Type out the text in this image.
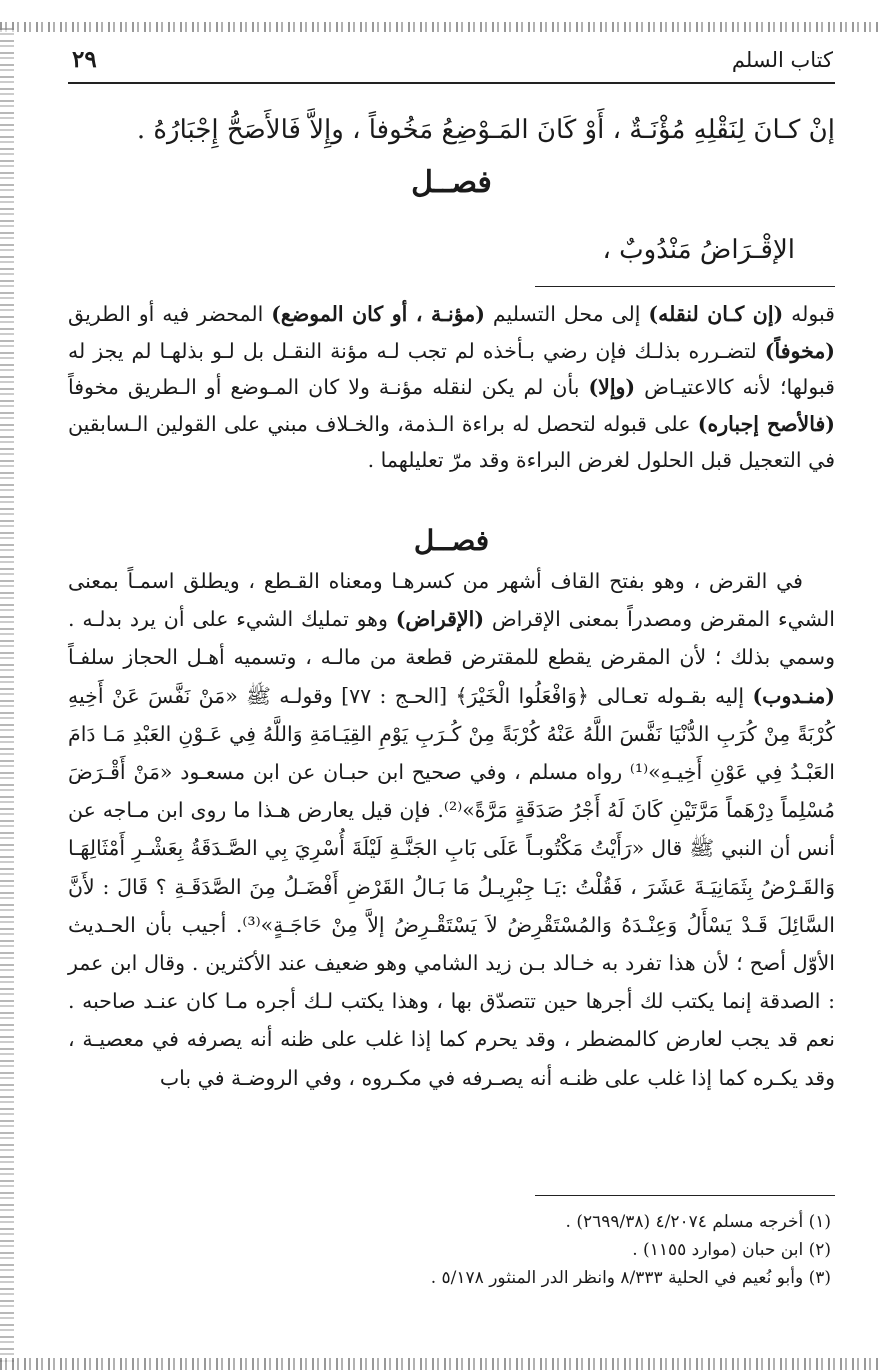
كتاب السلم
٢٩
إنْ كـانَ لِنَقْلِهِ مُؤْنَـةٌ ، أَوْ كَانَ المَـوْضِعُ مَخُوفاً ، وإِلاَّ فَالأَصَحُّ إِجْبَارُهُ .
فصــل
الإقْـرَاضُ مَنْدُوبٌ ،

قبوله (إن كـان لنقله) إلى محل التسليم (مؤنـة ، أو كان الموضع) المحضر فيه أو الطريق (مخوفاً) لتضـرره بذلـك فإن رضي بـأخذه لم تجب لـه مؤنة النقـل بل لـو بذلهـا لم يجز له قبولها؛ لأنه كالاعتيـاض (وإلا) بأن لم يكن لنقله مؤنـة ولا كان المـوضع أو الـطريق مخوفاً (فالأصح إجباره) على قبوله لتحصل له براءة الـذمة، والخـلاف مبني على القولين الـسابقين في التعجيل قبل الحلول لغرض البراءة وقد مرّ تعليلهما .

فصــل

في القرض ، وهو بفتح القاف أشهر من كسرهـا ومعناه القـطع ، ويطلق اسمـاً بمعنى الشيء المقرض ومصدراً بمعنى الإقراض (الإقراض) وهو تمليك الشيء على أن يرد بدلـه . وسمي بذلك ؛ لأن المقرض يقطع للمقترض قطعة من مالـه ، وتسميه أهـل الحجاز سلفـاً (منـدوب) إليه بقـوله تعـالى ﴿وَافْعَلُوا الْخَيْرَ﴾ [الحـج : ٧٧] وقولـه ﷺ «مَنْ نَفَّسَ عَنْ أَخِيهِ كُرْبَةً مِنْ كُرَبِ الدُّنْيَا نَفَّسَ اللَّهُ عَنْهُ كُرْبَةً مِنْ كُـرَبِ يَوْمِ القِيَـامَةِ وَاللَّهُ فِي عَـوْنِ العَبْدِ مَـا دَامَ العَبْـدُ فِي عَوْنِ أَخِيـهِ»⁽¹⁾ رواه مسلم ، وفي صحيح ابن حبـان عن ابن مسعـود «مَنْ أَقْـرَضَ مُسْلِماً دِرْهَماً مَرَّتَيْنِ كَانَ لَهُ أَجْرُ صَدَقَةٍ مَرَّةً»⁽²⁾. فإن قيل يعارض هـذا ما روى ابن مـاجه عن أنس أن النبي ﷺ قال «رَأَيْتُ مَكْتُوبـاً عَلَى بَابِ الجَنَّـةِ لَيْلَةَ أُسْرِيَ بِي الصَّـدَقَةُ بِعَشْـرِ أَمْثَالِهَـا وَالقَـرْضُ بِثَمَانِيَـةَ عَشَرَ ، فَقُلْتُ :يَـا جِبْرِيـلُ مَا بَـالُ القَرْضِ أَفْضَـلُ مِنَ الصَّدَقَـةِ ؟ قَالَ : لأَنَّ السَّائِلَ قَـدْ يَسْأَلُ وَعِنْـدَهُ وَالمُسْتَقْرِضُ لاَ يَسْتَقْـرِضُ إلاَّ مِنْ حَاجَـةٍ»⁽³⁾. أجيب بأن الحـديث الأوّل أصح ؛ لأن هذا تفرد به خـالد بـن زيد الشامي وهو ضعيف عند الأكثرين . وقال ابن عمر : الصدقة إنما يكتب لك أجرها حين تتصدّق بها ، وهذا يكتب لـك أجره مـا كان عنـد صاحبه . نعم قد يجب لعارض كالمضطر ، وقد يحرم كما إذا غلب على ظنه أنه يصرفه في معصيـة ، وقد يكـره كما إذا غلب على ظنـه أنه يصـرفه في مكـروه ، وفي الروضـة في باب

(١) أخرجه مسلم ٤/٢٠٧٤ (٢٦٩٩/٣٨) .
(٢) ابن حبان (موارد ١١٥٥) .
(٣) وأبو نُعيم في الحلية ٨/٣٣٣ وانظر الدر المنثور ٥/١٧٨ .
